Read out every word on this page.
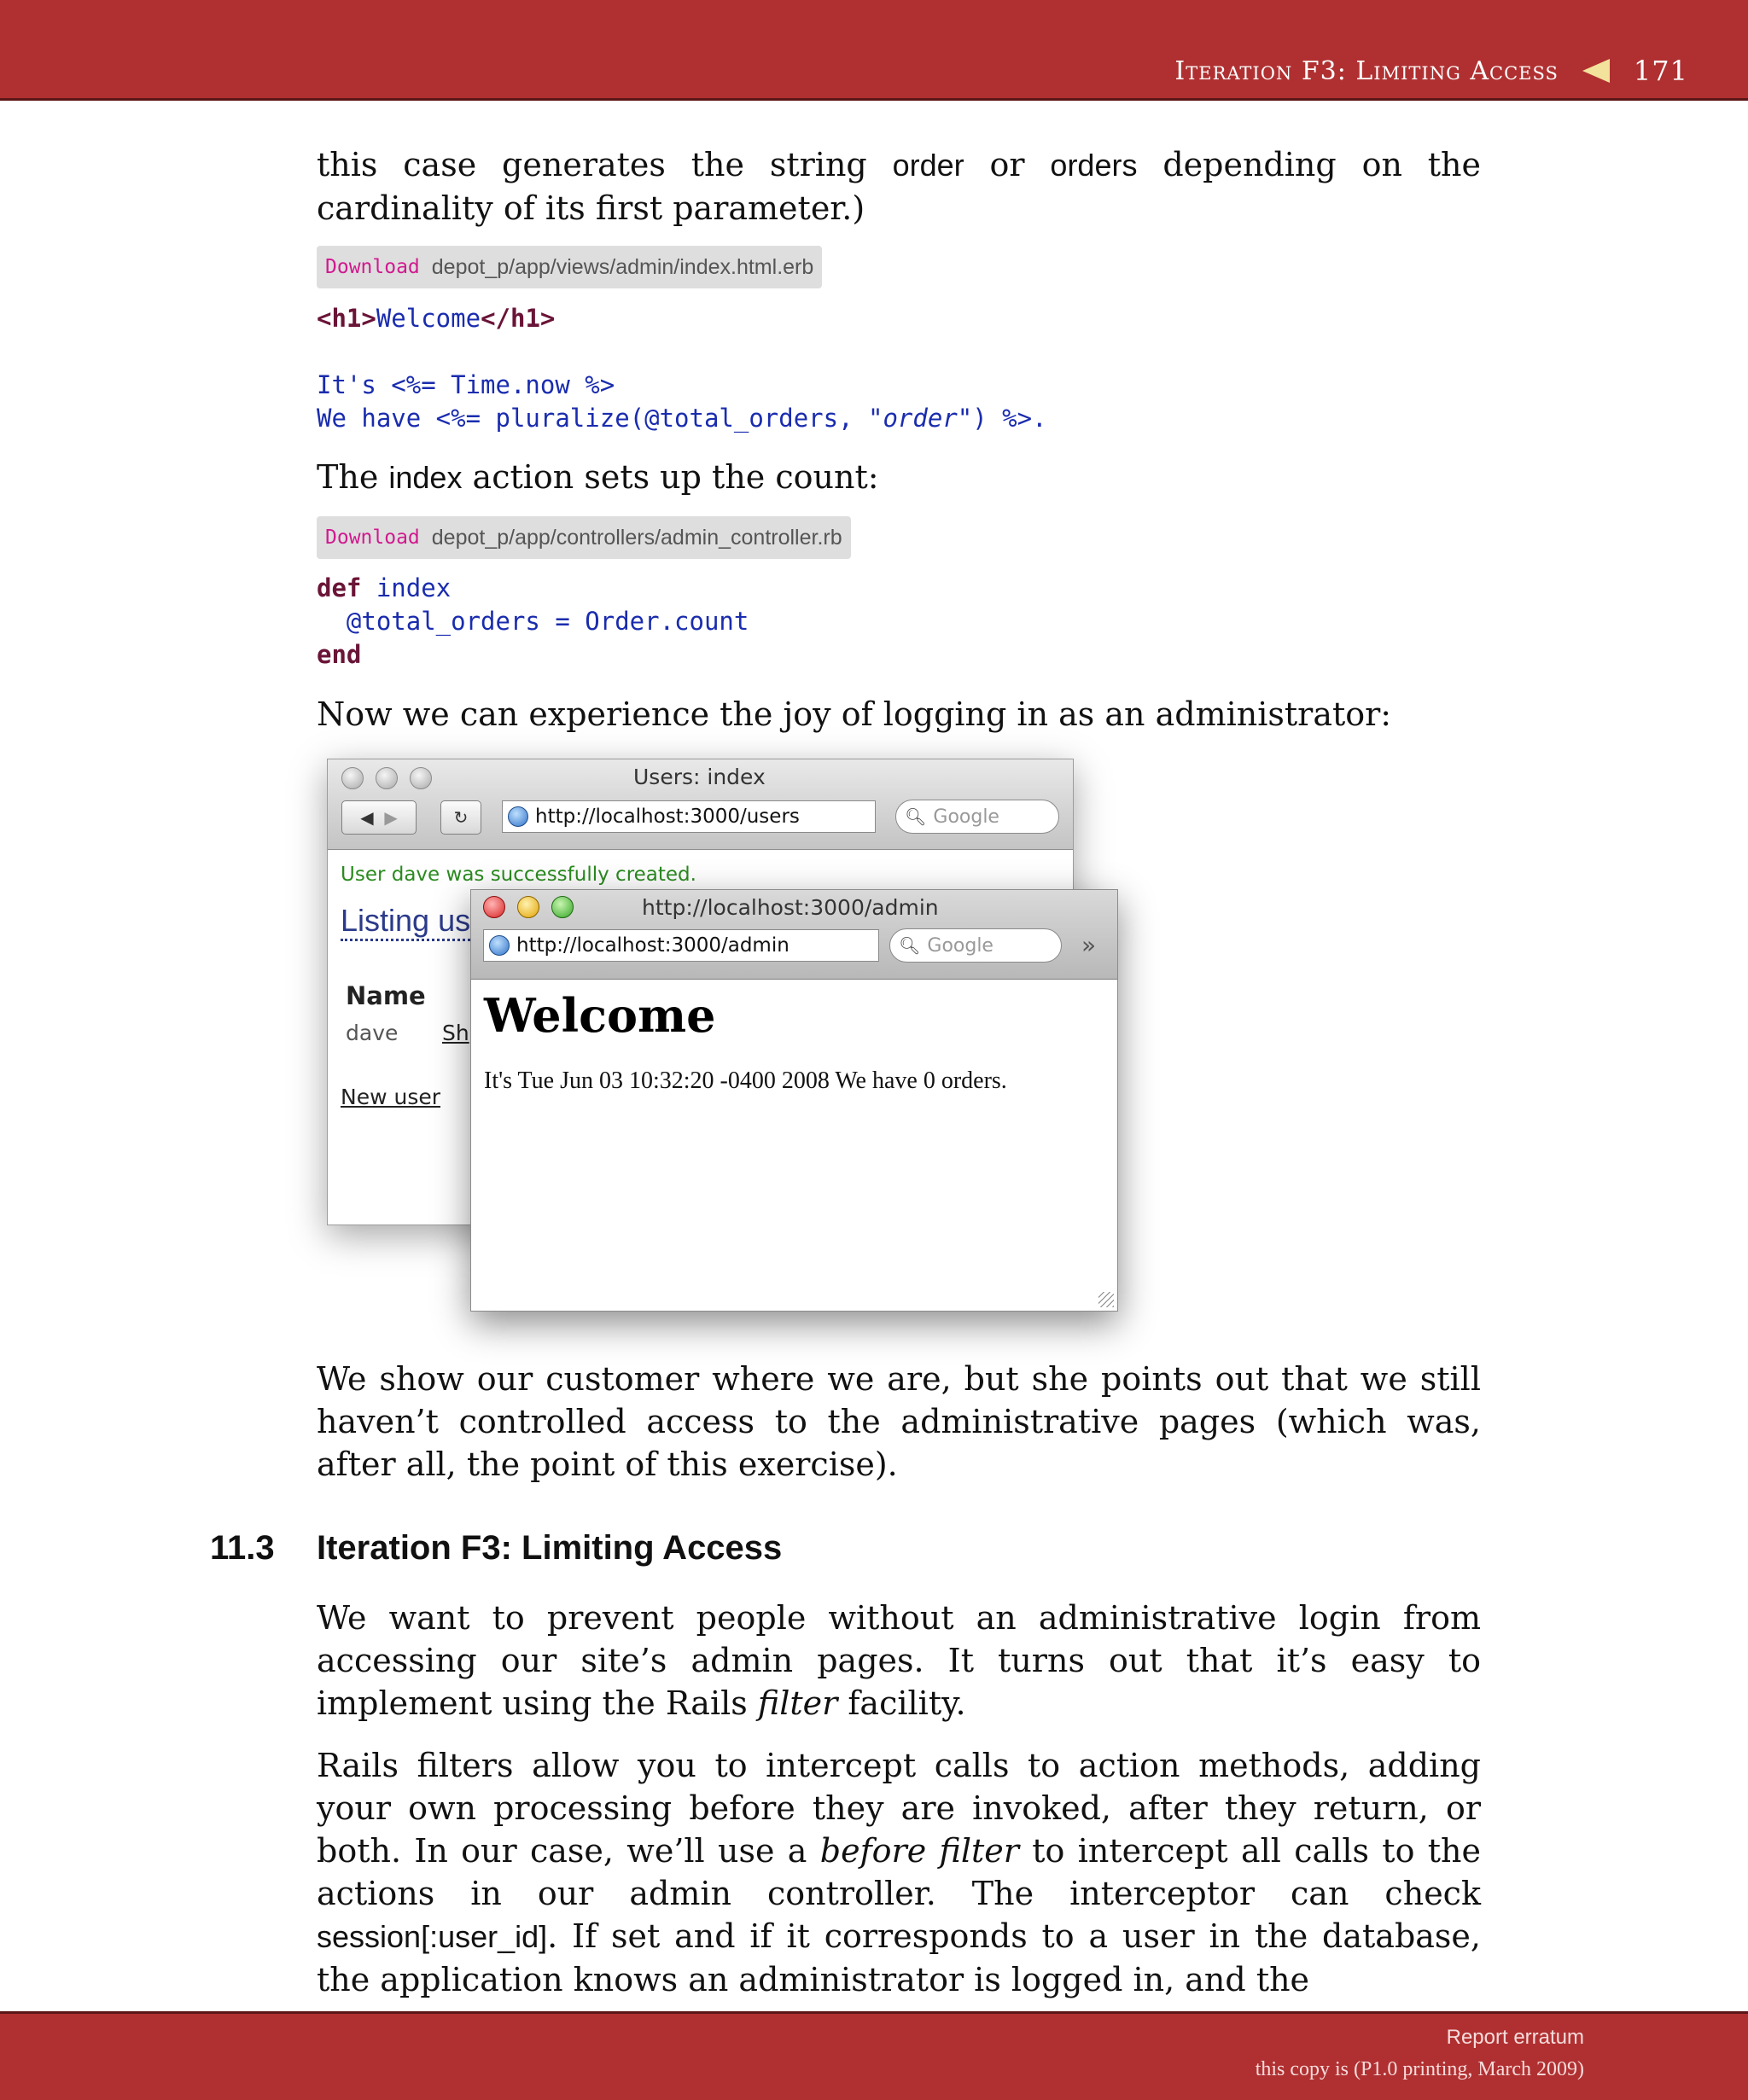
Iteration F3: Limiting Access	171

this case generates the string order or orders depending on the cardinality of its first parameter.)

Download depot_p/app/views/admin/index.html.erb
<h1>Welcome</h1>

It's <%= Time.now %>
We have <%= pluralize(@total_orders, "order") %>.

The index action sets up the count:

Download depot_p/app/controllers/admin_controller.rb
def index
@total_orders = Order.count
end

Now we can experience the joy of logging in as an administrator:

Users: index
◀
▶	↻	http://localhost:3000/users	🔍︎ Google
User dave was successfully created.
Listing us
Name
dave Sh
New user
http://localhost:3000/admin
http://localhost:3000/admin	🔍︎ Google	»
Welcome
It's Tue Jun 03 10:32:20 -0400 2008 We have 0 orders.

We show our customer where we are, but she points out that we still haven’t controlled access to the administrative pages (which was, after all, the point of this exercise).

11.3 Iteration F3: Limiting Access

We want to prevent people without an administrative login from accessing our site’s admin pages. It turns out that it’s easy to implement using the Rails filter facility.

Rails filters allow you to intercept calls to action methods, adding your own processing before they are invoked, after they return, or both. In our case, we’ll use a before filter to intercept all calls to the actions in our admin controller. The interceptor can check session[:user_id]. If set and if it corresponds to a user in the database, the application knows an administrator is logged in, and the

Report erratum
this copy is (P1.0 printing, March 2009)
